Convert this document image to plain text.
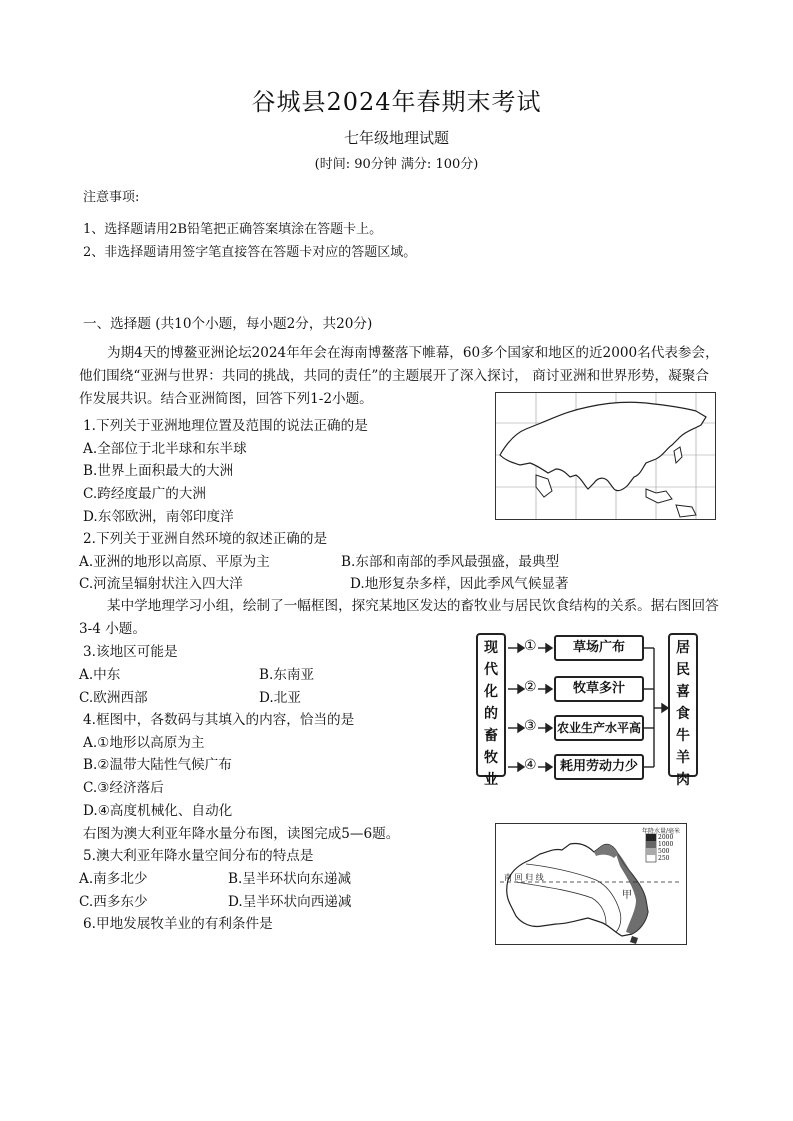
谷城县2024年春期末考试
七年级地理试题
(时间: 90分钟 满分: 100分)
注意事项:
1、选择题请用2B铅笔把正确答案填涂在答题卡上。
2、非选择题请用签字笔直接答在答题卡对应的答题区域。
一、选择题 (共10个小题，每小题2分，共20分)
为期4天的博鳌亚洲论坛2024年年会在海南博鳌落下帷幕，60多个国家和地区的近2000名代表参会，他们围绕“亚洲与世界：共同的挑战，共同的责任”的主题展开了深入探讨， 商讨亚洲和世界形势，凝聚合作发展共识。结合亚洲简图，回答下列1-2小题。
1.下列关于亚洲地理位置及范围的说法正确的是
A.全部位于北半球和东半球
B.世界上面积最大的大洲
C.跨经度最广的大洲
D.东邻欧洲，南邻印度洋
2.下列关于亚洲自然环境的叙述正确的是
A.亚洲的地形以高原、平原为主	B.东部和南部的季风最强盛，最典型
C.河流呈辐射状注入四大洋	D.地形复杂多样，因此季风气候显著
某中学地理学习小组，绘制了一幅框图，探究某地区发达的畜牧业与居民饮食结构的关系。据右图回答3-4 小题。
3.该地区可能是
A.中东	B.东南亚
C.欧洲西部	D.北亚
4.框图中，各数码与其填入的内容，恰当的是
A.①地形以高原为主
B.②温带大陆性气候广布
C.③经济落后
D.④高度机械化、自动化
现代化的畜牧业
①
②
③
④
草场广布
牧草多汁
农业生产水平高
耗用劳动力少
居民喜食牛羊肉
右图为澳大利亚年降水量分布图，读图完成5—6题。
5.澳大利亚年降水量空间分布的特点是
A.南多北少	B.呈半环状向东递减
C.西多东少	D.呈半环状向西递减
6.甲地发展牧羊业的有利条件是
年降水量/毫米
2000
1000
500
250
南 回 归 线
甲
